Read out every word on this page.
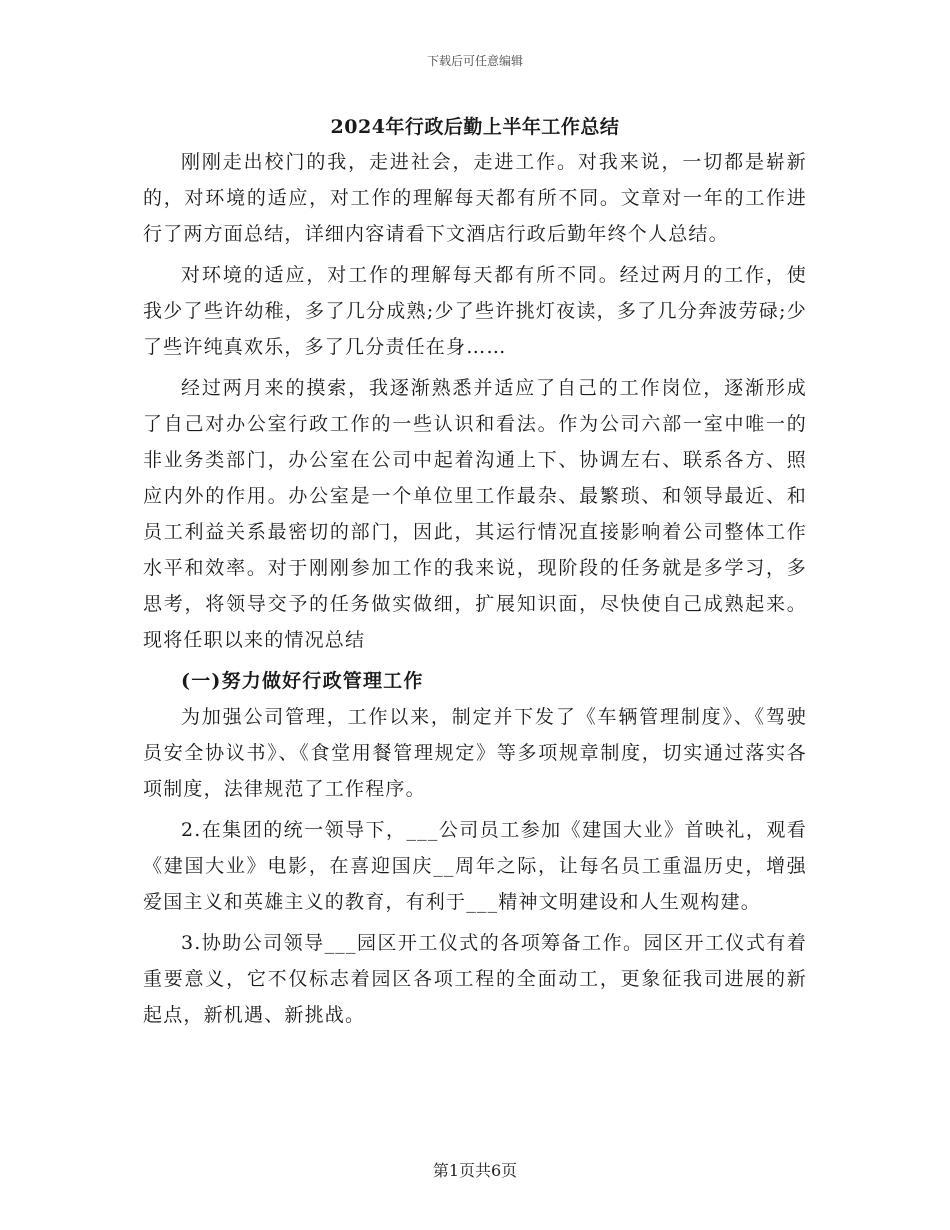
下载后可任意编辑
2024年行政后勤上半年工作总结

刚刚走出校门的我，走进社会，走进工作。对我来说，一切都是崭新的，对环境的适应，对工作的理解每天都有所不同。文章对一年的工作进行了两方面总结，详细内容请看下文酒店行政后勤年终个人总结。

对环境的适应，对工作的理解每天都有所不同。经过两月的工作，使我少了些许幼稚，多了几分成熟;少了些许挑灯夜读，多了几分奔波劳碌;少了些许纯真欢乐，多了几分责任在身……

经过两月来的摸索，我逐渐熟悉并适应了自己的工作岗位，逐渐形成了自己对办公室行政工作的一些认识和看法。作为公司六部一室中唯一的非业务类部门，办公室在公司中起着沟通上下、协调左右、联系各方、照应内外的作用。办公室是一个单位里工作最杂、最繁琐、和领导最近、和员工利益关系最密切的部门，因此，其运行情况直接影响着公司整体工作水平和效率。对于刚刚参加工作的我来说，现阶段的任务就是多学习，多思考，将领导交予的任务做实做细，扩展知识面，尽快使自己成熟起来。现将任职以来的情况总结

(一)努力做好行政管理工作

为加强公司管理，工作以来，制定并下发了《车辆管理制度》、《驾驶员安全协议书》、《食堂用餐管理规定》等多项规章制度，切实通过落实各项制度，法律规范了工作程序。

2.在集团的统一领导下，___公司员工参加《建国大业》首映礼，观看《建国大业》电影，在喜迎国庆__周年之际，让每名员工重温历史，增强爱国主义和英雄主义的教育，有利于___精神文明建设和人生观构建。

3.协助公司领导___园区开工仪式的各项筹备工作。园区开工仪式有着重要意义，它不仅标志着园区各项工程的全面动工，更象征我司进展的新起点，新机遇、新挑战。

第1页共6页
